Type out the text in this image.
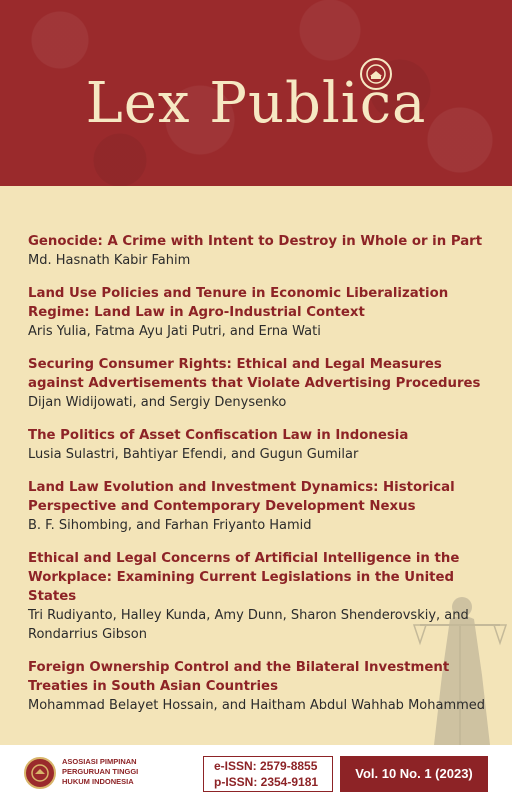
Lex Publica
Genocide: A Crime with Intent to Destroy in Whole or in Part
Md. Hasnath Kabir Fahim
Land Use Policies and Tenure in Economic Liberalization Regime: Land Law in Agro-Industrial Context
Aris Yulia, Fatma Ayu Jati Putri, and Erna Wati
Securing Consumer Rights: Ethical and Legal Measures against Advertisements that Violate Advertising Procedures
Dijan Widijowati, and Sergiy Denysenko
The Politics of Asset Confiscation Law in Indonesia
Lusia Sulastri, Bahtiyar Efendi, and Gugun Gumilar
Land Law Evolution and Investment Dynamics: Historical Perspective and Contemporary Development Nexus
B. F. Sihombing, and Farhan Friyanto Hamid
Ethical and Legal Concerns of Artificial Intelligence in the Workplace: Examining Current Legislations in the United States
Tri Rudiyanto, Halley Kunda, Amy Dunn, Sharon Shenderovskiy, and Rondarrius Gibson
Foreign Ownership Control and the Bilateral Investment Treaties in South Asian Countries
Mohammad Belayet Hossain, and Haitham Abdul Wahhab Mohammed
ASOSIASI PIMPINAN
PERGURUAN TINGGI
HUKUM INDONESIA
e-ISSN: 2579-8855
p-ISSN: 2354-9181
Vol. 10 No. 1 (2023)
